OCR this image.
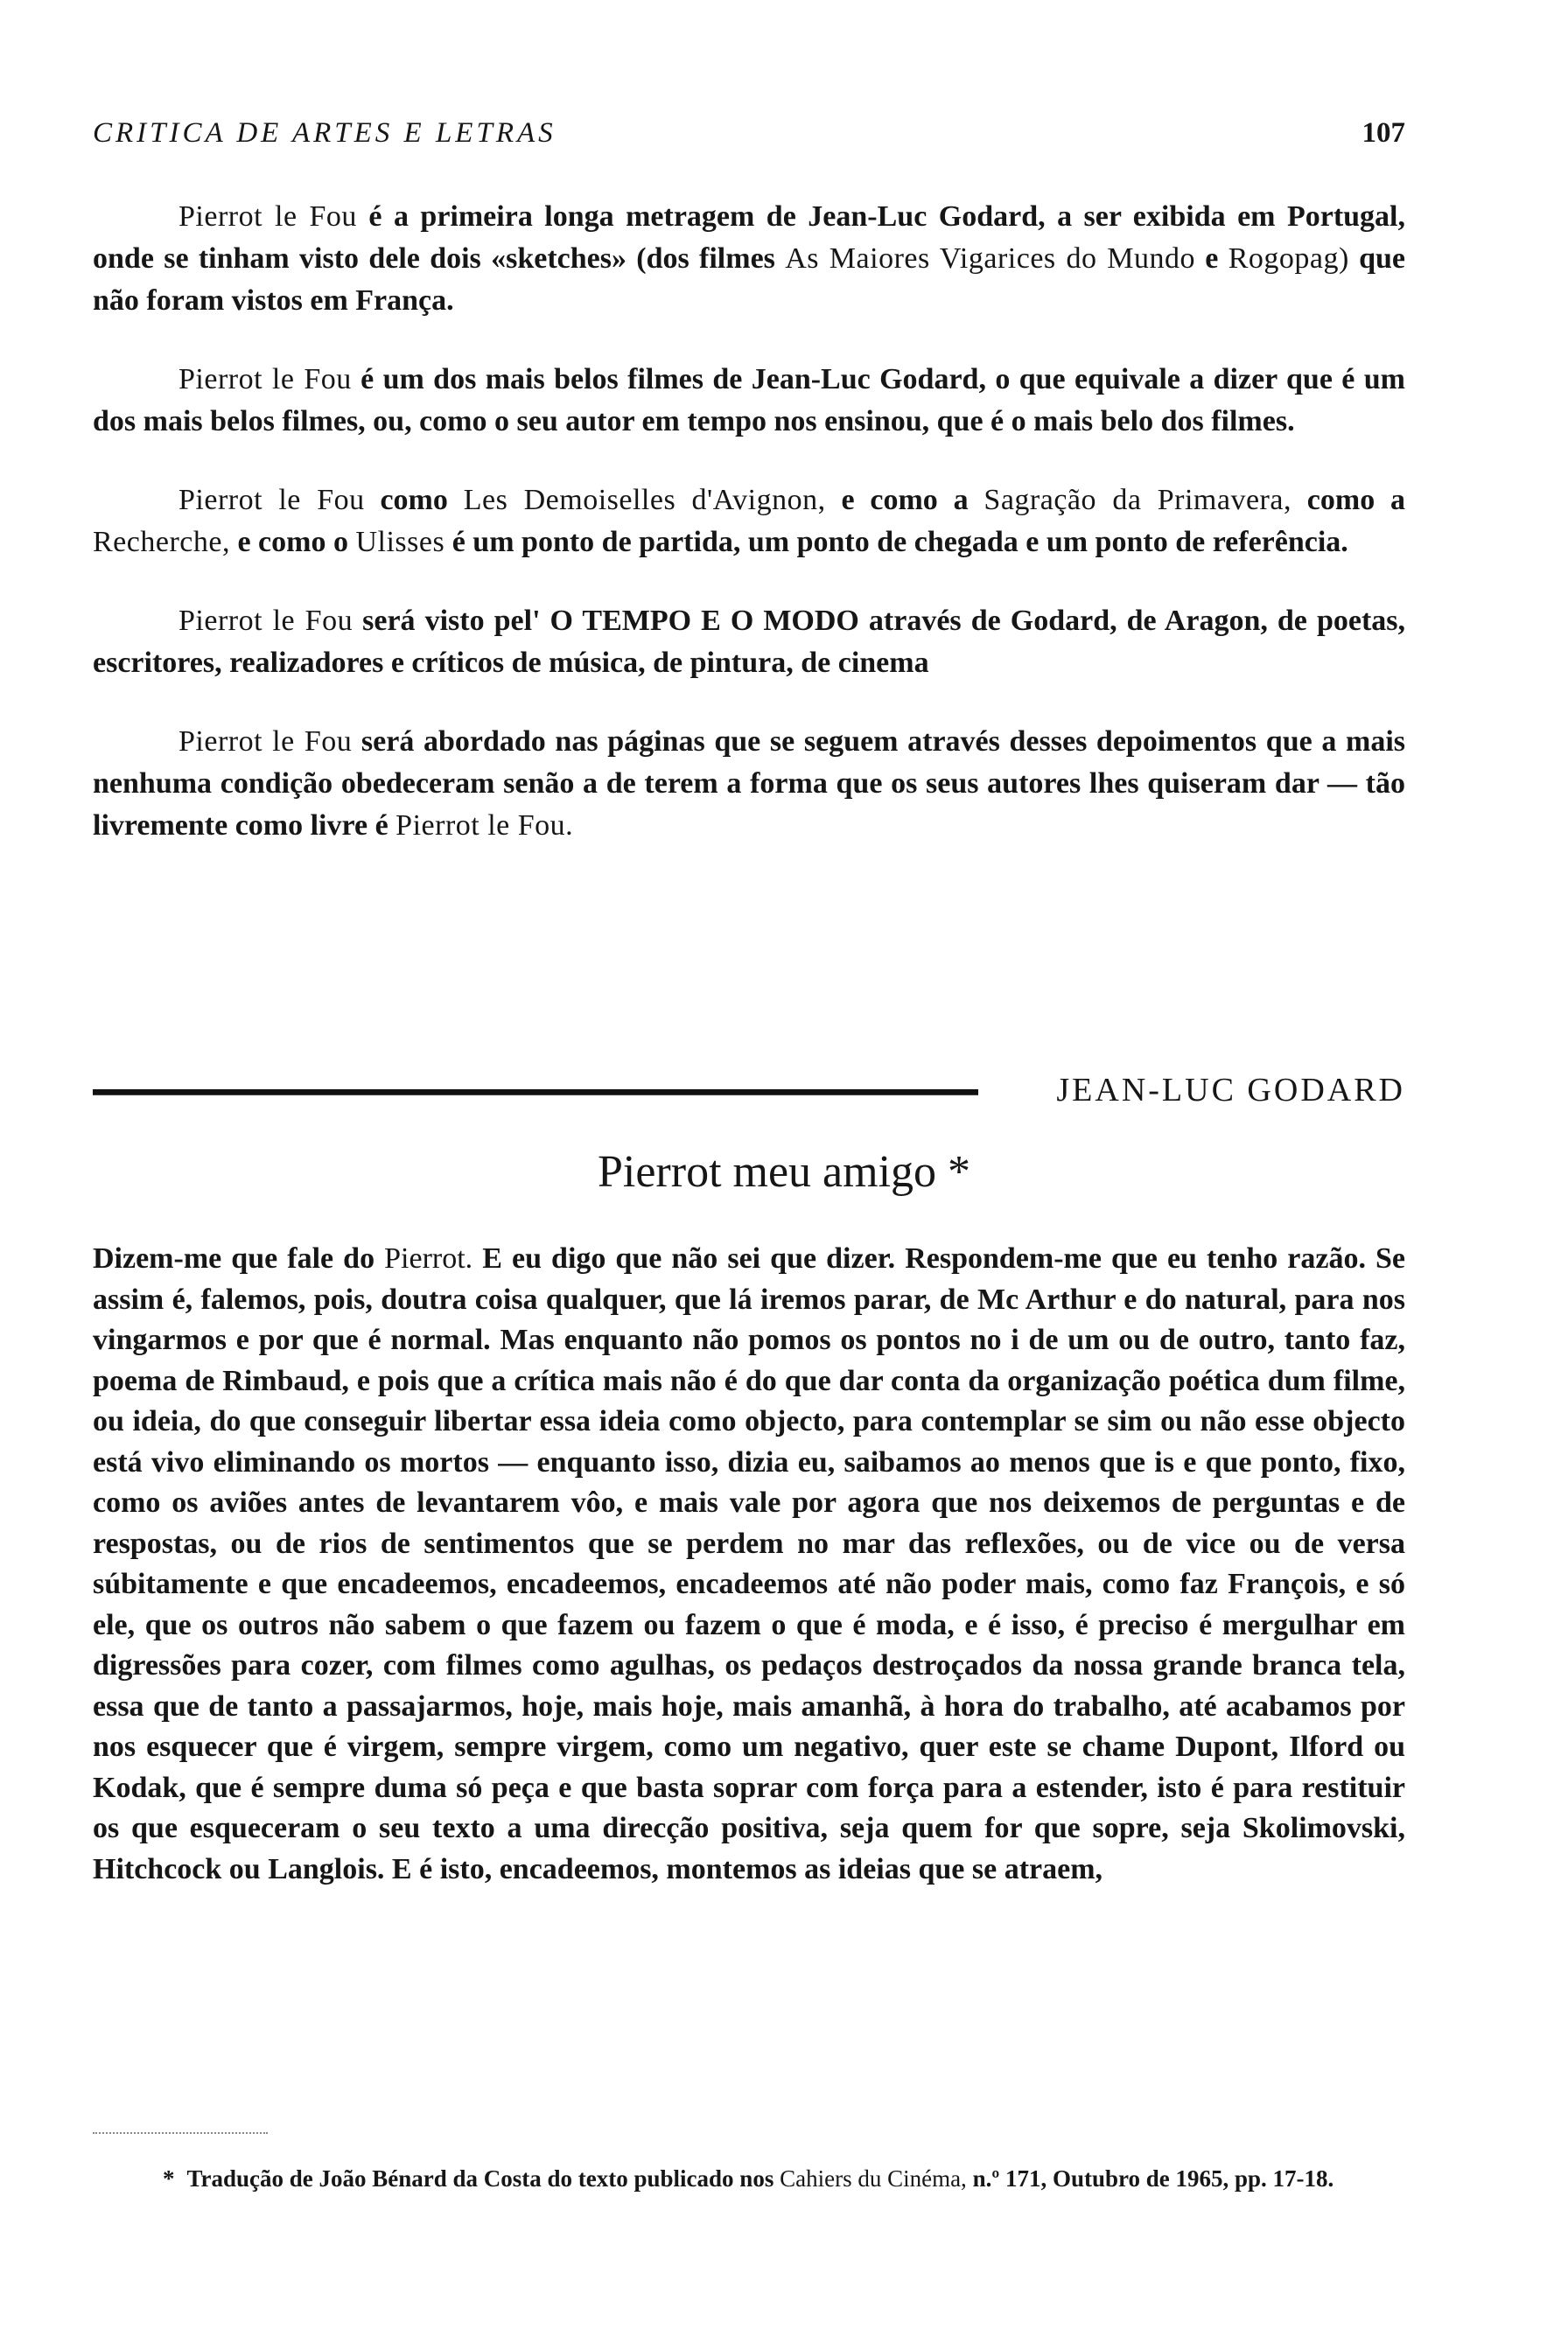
CRITICA DE ARTES E LETRAS	107

Pierrot le Fou é a primeira longa metragem de Jean-Luc Godard, a ser exibida em Portugal, onde se tinham visto dele dois «sketches» (dos filmes As Maiores Vigarices do Mundo e Rogopag) que não foram vistos em França.

Pierrot le Fou é um dos mais belos filmes de Jean-Luc Godard, o que equivale a dizer que é um dos mais belos filmes, ou, como o seu autor em tempo nos ensinou, que é o mais belo dos filmes.

Pierrot le Fou como Les Demoiselles d'Avignon, e como a Sagração da Primavera, como a Recherche, e como o Ulisses é um ponto de partida, um ponto de chegada e um ponto de referência.

Pierrot le Fou será visto pel' O TEMPO E O MODO através de Godard, de Aragon, de poetas, escritores, realizadores e críticos de música, de pintura, de cinema

Pierrot le Fou será abordado nas páginas que se seguem através desses depoimentos que a mais nenhuma condição obedeceram senão a de terem a forma que os seus autores lhes quiseram dar — tão livremente como livre é Pierrot le Fou.

JEAN-LUC GODARD
Pierrot meu amigo *

Dizem-me que fale do Pierrot. E eu digo que não sei que dizer. Respondem-me que eu tenho razão. Se assim é, falemos, pois, doutra coisa qualquer, que lá iremos parar, de Mc Arthur e do natural, para nos vingarmos e por que é normal. Mas enquanto não pomos os pontos no i de um ou de outro, tanto faz, poema de Rimbaud, e pois que a crítica mais não é do que dar conta da organização poética dum filme, ou ideia, do que conseguir libertar essa ideia como objecto, para contemplar se sim ou não esse objecto está vivo eliminando os mortos — enquanto isso, dizia eu, saibamos ao menos que is e que ponto, fixo, como os aviões antes de levantarem vôo, e mais vale por agora que nos deixemos de perguntas e de respostas, ou de rios de sentimentos que se perdem no mar das reflexões, ou de vice ou de versa súbitamente e que encadeemos, encadeemos, encadeemos até não poder mais, como faz François, e só ele, que os outros não sabem o que fazem ou fazem o que é moda, e é isso, é preciso é mergulhar em digressões para cozer, com filmes como agulhas, os pedaços destroçados da nossa grande branca tela, essa que de tanto a passajarmos, hoje, mais hoje, mais amanhã, à hora do trabalho, até acabamos por nos esquecer que é virgem, sempre virgem, como um negativo, quer este se chame Dupont, Ilford ou Kodak, que é sempre duma só peça e que basta soprar com força para a estender, isto é para restituir os que esqueceram o seu texto a uma direcção positiva, seja quem for que sopre, seja Skolimovski, Hitchcock ou Langlois. E é isto, encadeemos, montemos as ideias que se atraem,

* Tradução de João Bénard da Costa do texto publicado nos Cahiers du Cinéma, n.º 171, Outubro de 1965, pp. 17-18.
